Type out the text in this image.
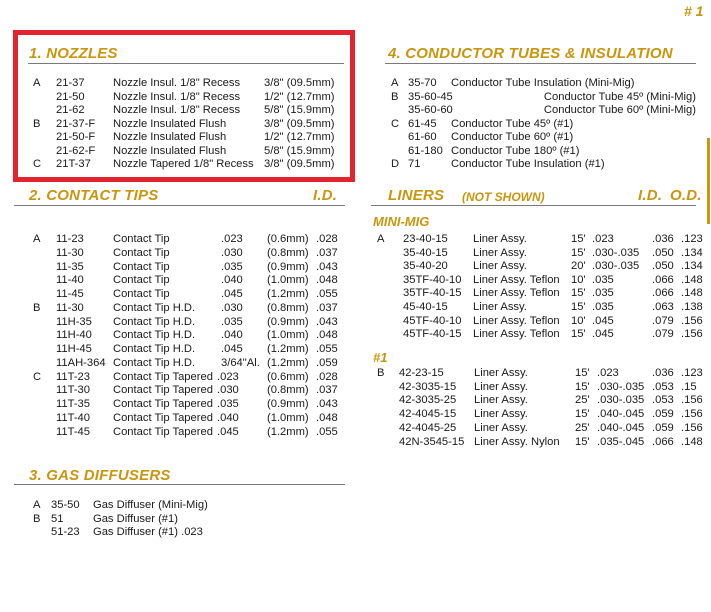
# 1
1. NOZZLES
A 21-37	Nozzle Insul. 1/8" Recess 3/8" (09.5mm)
21-50	Nozzle Insul. 1/8" Recess 1/2" (12.7mm)
21-62	Nozzle Insul. 1/8" Recess 5/8" (15.9mm)
B 21-37-F Nozzle Insulated Flush	3/8" (09.5mm)
21-50-F Nozzle Insulated Flush	1/2" (12.7mm)
21-62-F Nozzle Insulated Flush	5/8" (15.9mm)
C 21T-37 Nozzle Tapered 1/8" Recess 3/8" (09.5mm)
2. CONTACT TIPS	I.D.
A 11-23	Contact Tip	.023 (0.6mm) .028
11-30	Contact Tip	.030 (0.8mm) .037
11-35	Contact Tip	.035 (0.9mm) .043
11-40	Contact Tip	.040 (1.0mm) .048
11-45	Contact Tip	.045 (1.2mm) .055
B 11-30	Contact Tip H.D. .030 (0.8mm) .037
11H-35 Contact Tip H.D. .035 (0.9mm) .043
11H-40 Contact Tip H.D. .040 (1.0mm) .048
11H-45 Contact Tip H.D. .045 (1.2mm) .055
11AH-364 Contact Tip H.D. 3/64"Al. (1.2mm) .059
C 11T-23 Contact Tip Tapered .023	(0.6mm) .028
11T-30 Contact Tip Tapered .030	(0.8mm) .037
11T-35 Contact Tip Tapered .035	(0.9mm) .043
11T-40 Contact Tip Tapered .040	(1.0mm) .048
11T-45 Contact Tip Tapered .045	(1.2mm) .055
3. GAS DIFFUSERS
A 35-50 Gas Diffuser (Mini-Mig)
B 51	Gas Diffuser (#1)
51-23 Gas Diffuser (#1) .023
4. CONDUCTOR TUBES & INSULATION
A 35-70 Conductor Tube Insulation (Mini-Mig)
B 35-60-45	Conductor Tube 45º (Mini-Mig)
35-60-60	Conductor Tube 60º (Mini-Mig)
C 61-45 Conductor Tube 45º (#1)
61-60 Conductor Tube 60º (#1)
61-180 Conductor Tube 180º (#1)
D 71	Conductor Tube Insulation (#1)
LINERS (NOT SHOWN)	I.D. O.D.
MINI-MIG
#1
A 23-40-15 Liner Assy.	15' .023	.036 .123
35-40-15 Liner Assy.	15' .030-.035 .050 .134
35-40-20 Liner Assy.	20' .030-.035 .050 .134
35TF-40-10 Liner Assy. Teflon 10' .035	.066 .148
35TF-40-15 Liner Assy. Teflon 15' .035	.066 .148
45-40-15 Liner Assy.	15' .035	.063 .138
45TF-40-10 Liner Assy. Teflon 10' .045	.079 .156
45TF-40-15 Liner Assy. Teflon 15' .045	.079 .156
B 42-23-15	Liner Assy.	15' .023	.036 .123
42-3035-15 Liner Assy.	15' .030-.035 .053 .15
42-3035-25 Liner Assy.	25' .030-.035 .053 .156
42-4045-15 Liner Assy.	15' .040-.045 .059 .156
42-4045-25 Liner Assy.	25' .040-.045 .059 .156
42N-3545-15 Liner Assy. Nylon 15' .035-.045 .066 .148
